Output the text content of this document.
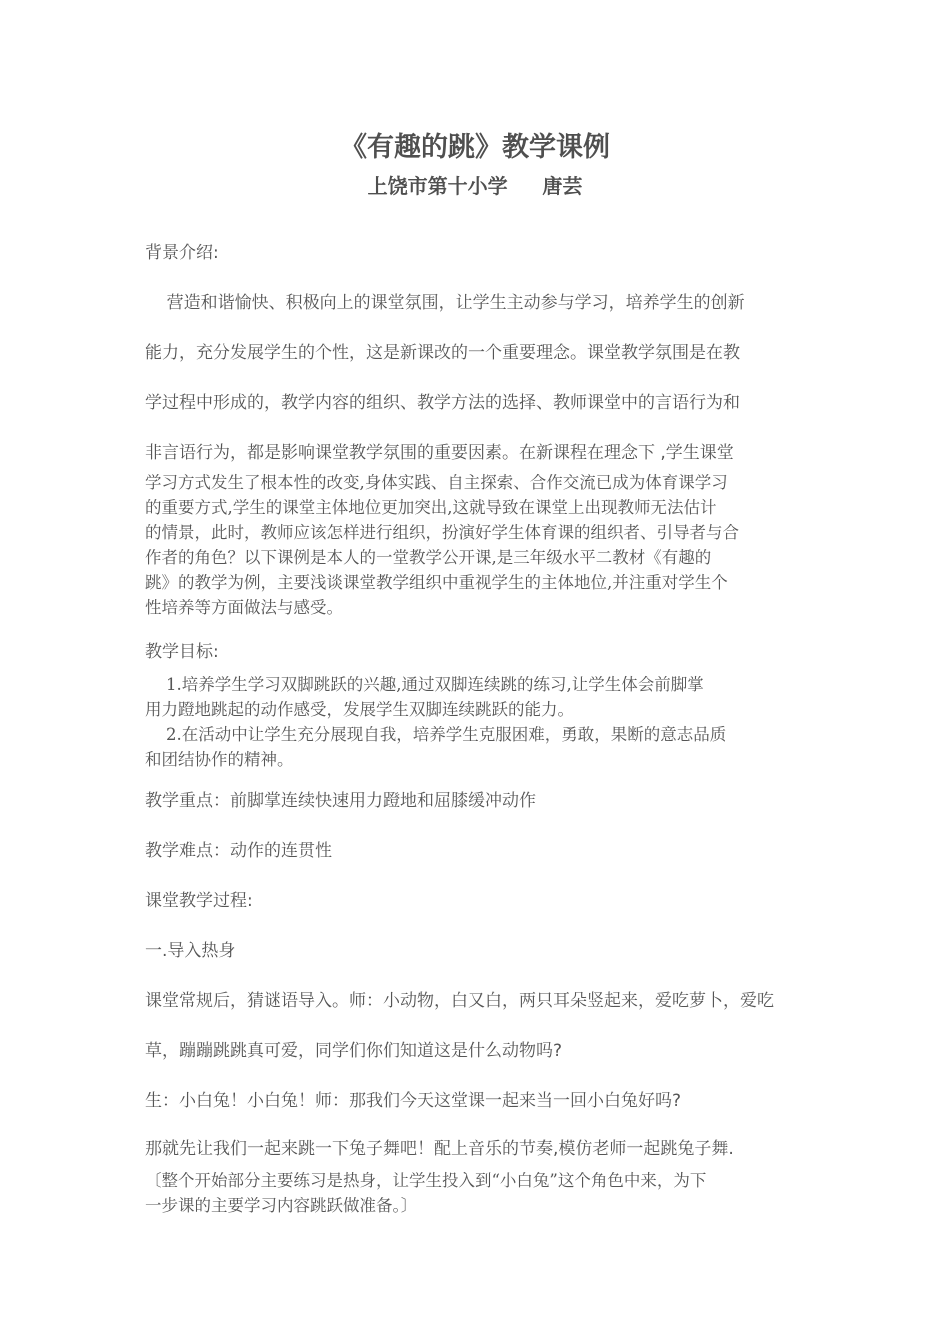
《有趣的跳》教学课例
上饶市第十小学     唐芸
背景介绍:
营造和谐愉快、积极向上的课堂氛围，让学生主动参与学习，培养学生的创新
能力，充分发展学生的个性，这是新课改的一个重要理念。课堂教学氛围是在教
学过程中形成的，教学内容的组织、教学方法的选择、教师课堂中的言语行为和
非言语行为，都是影响课堂教学氛围的重要因素。在新课程在理念下 ,学生课堂
学习方式发生了根本性的改变,身体实践、自主探索、合作交流已成为体育课学习
的重要方式,学生的课堂主体地位更加突出,这就导致在课堂上出现教师无法估计
的情景，此时，教师应该怎样进行组织，扮演好学生体育课的组织者、引导者与合
作者的角色？以下课例是本人的一堂教学公开课,是三年级水平二教材《有趣的
跳》的教学为例，主要浅谈课堂教学组织中重视学生的主体地位,并注重对学生个
性培养等方面做法与感受。
教学目标:
1.培养学生学习双脚跳跃的兴趣,通过双脚连续跳的练习,让学生体会前脚掌
用力蹬地跳起的动作感受，发展学生双脚连续跳跃的能力。
2.在活动中让学生充分展现自我，培养学生克服困难，勇敢，果断的意志品质
和团结协作的精神。
教学重点：前脚掌连续快速用力蹬地和屈膝缓冲动作
教学难点：动作的连贯性
课堂教学过程:
一.导入热身
课堂常规后，猜谜语导入。师：小动物，白又白，两只耳朵竖起来，爱吃萝卜，爱吃
草，蹦蹦跳跳真可爱，同学们你们知道这是什么动物吗?
生：小白兔！小白兔！师：那我们今天这堂课一起来当一回小白兔好吗?
那就先让我们一起来跳一下兔子舞吧！配上音乐的节奏,模仿老师一起跳兔子舞.
〔整个开始部分主要练习是热身，让学生投入到“小白兔”这个角色中来，为下
一步课的主要学习内容跳跃做准备。〕
